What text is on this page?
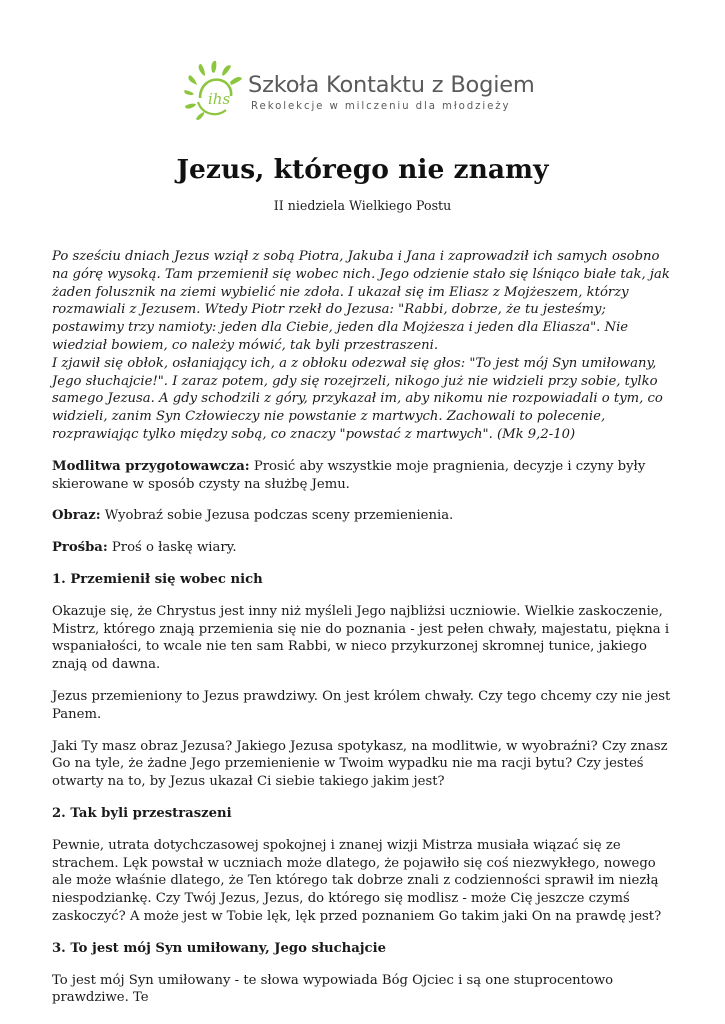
ihs
Szkoła Kontaktu z Bogiem
Rekolekcje w milczeniu dla młodzieży
Jezus, którego nie znamy
II niedziela Wielkiego Postu

Po sześciu dniach Jezus wziął z sobą Piotra, Jakuba i Jana i zaprowadził ich samych osobno na górę wysoką. Tam przemienił się wobec nich. Jego odzienie stało się lśniąco białe tak, jak żaden folusznik na ziemi wybielić nie zdoła. I ukazał się im Eliasz z Mojżeszem, którzy rozmawiali z Jezusem. Wtedy Piotr rzekł do Jezusa: "Rabbi, dobrze, że tu jesteśmy; postawimy trzy namioty: jeden dla Ciebie, jeden dla Mojżesza i jeden dla Eliasza". Nie wiedział bowiem, co należy mówić, tak byli przestraszeni.
I zjawił się obłok, osłaniający ich, a z obłoku odezwał się głos: "To jest mój Syn umiłowany, Jego słuchajcie!". I zaraz potem, gdy się rozejrzeli, nikogo już nie widzieli przy sobie, tylko samego Jezusa. A gdy schodzili z góry, przykazał im, aby nikomu nie rozpowiadali o tym, co widzieli, zanim Syn Człowieczy nie powstanie z martwych. Zachowali to polecenie, rozprawiając tylko między sobą, co znaczy "powstać z martwych". (Mk 9,2-10)

Modlitwa przygotowawcza: Prosić aby wszystkie moje pragnienia, decyzje i czyny były skierowane w sposób czysty na służbę Jemu.

Obraz: Wyobraź sobie Jezusa podczas sceny przemienienia.

Prośba: Proś o łaskę wiary.

1. Przemienił się wobec nich

Okazuje się, że Chrystus jest inny niż myśleli Jego najbliżsi uczniowie. Wielkie zaskoczenie, Mistrz, którego znają przemienia się nie do poznania - jest pełen chwały, majestatu, piękna i wspaniałości, to wcale nie ten sam Rabbi, w nieco przykurzonej skromnej tunice, jakiego znają od dawna.

Jezus przemieniony to Jezus prawdziwy. On jest królem chwały. Czy tego chcemy czy nie jest Panem.

Jaki Ty masz obraz Jezusa? Jakiego Jezusa spotykasz, na modlitwie, w wyobraźni? Czy znasz Go na tyle, że żadne Jego przemienienie w Twoim wypadku nie ma racji bytu? Czy jesteś otwarty na to, by Jezus ukazał Ci siebie takiego jakim jest?

2. Tak byli przestraszeni

Pewnie, utrata dotychczasowej spokojnej i znanej wizji Mistrza musiała wiązać się ze strachem. Lęk powstał w uczniach może dlatego, że pojawiło się coś niezwykłego, nowego ale może właśnie dlatego, że Ten którego tak dobrze znali z codzienności sprawił im niezłą niespodziankę. Czy Twój Jezus, Jezus, do którego się modlisz - może Cię jeszcze czymś zaskoczyć? A może jest w Tobie lęk, lęk przed poznaniem Go takim jaki On na prawdę jest?

3. To jest mój Syn umiłowany, Jego słuchajcie

To jest mój Syn umiłowany - te słowa wypowiada Bóg Ojciec i są one stuprocentowo prawdziwe. Te
